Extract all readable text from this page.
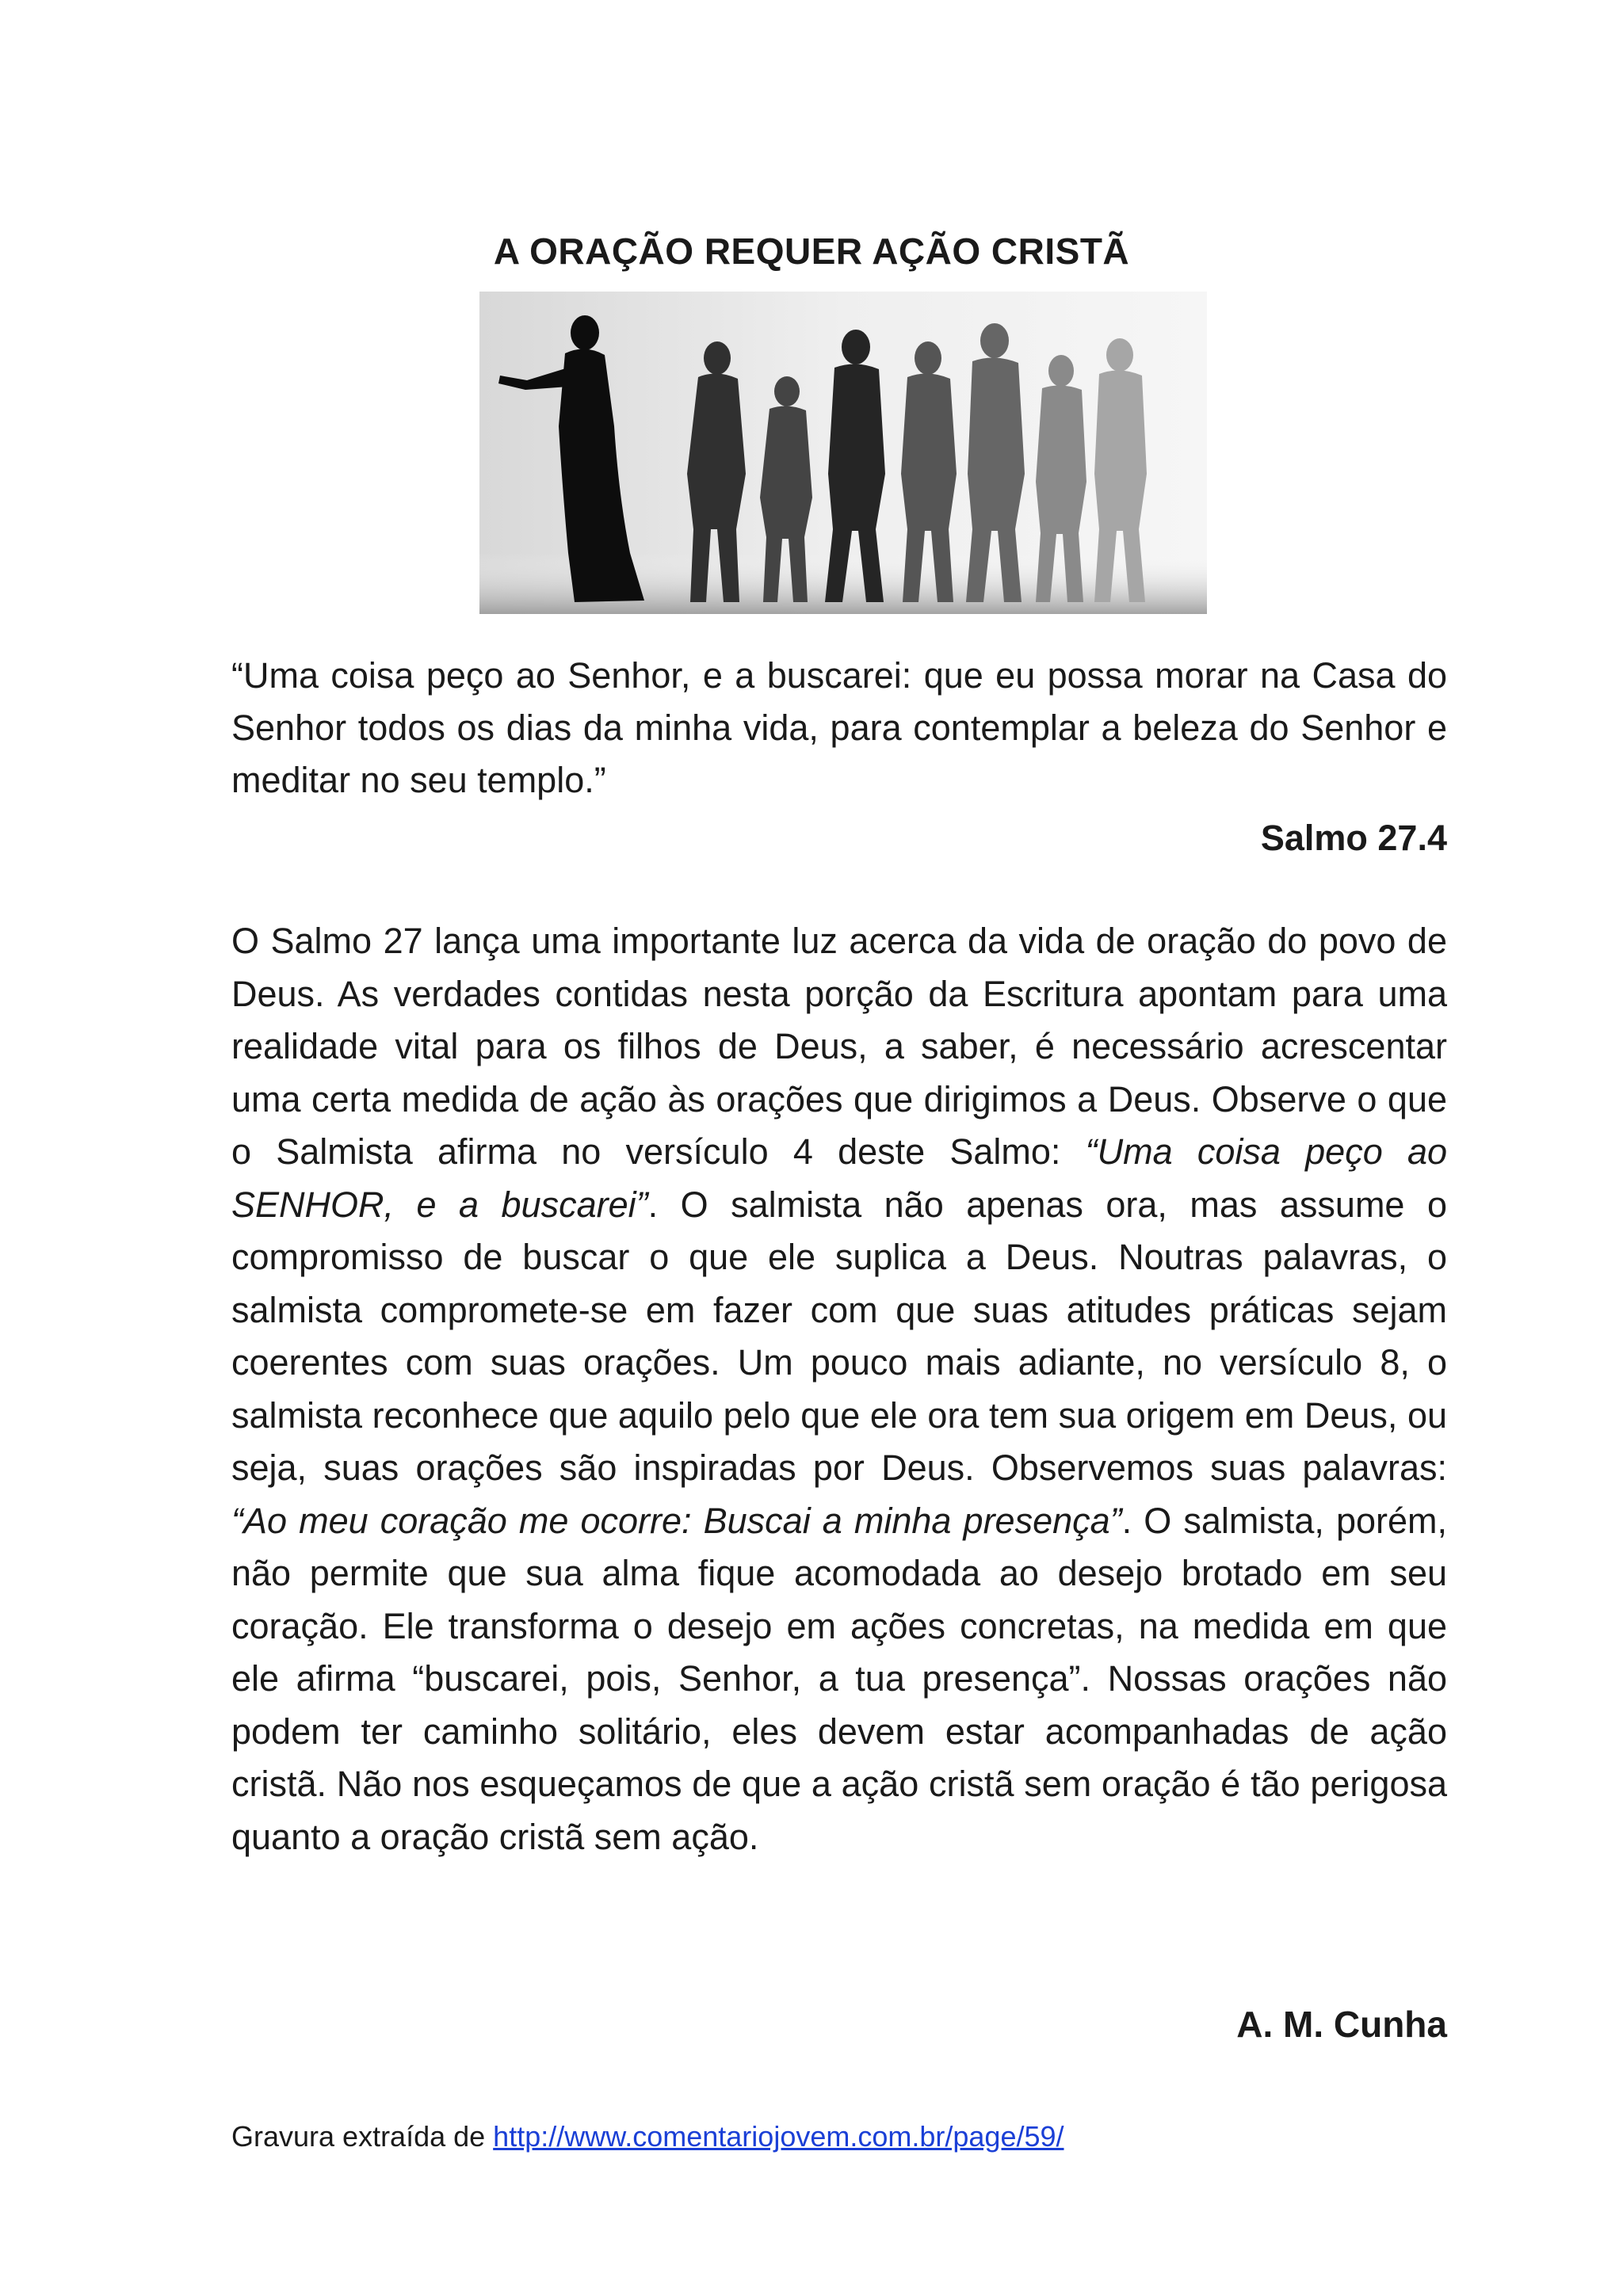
A ORAÇÃO REQUER AÇÃO CRISTÃ
“Uma coisa peço ao Senhor, e a buscarei: que eu possa morar na Casa do Senhor todos os dias da minha vida, para contemplar a beleza do Senhor e meditar no seu templo.”
Salmo 27.4
O Salmo 27 lança uma importante luz acerca da vida de oração do povo de Deus. As verdades contidas nesta porção da Escritura apontam para uma realidade vital para os filhos de Deus, a saber, é necessário acrescentar uma certa medida de ação às orações que dirigimos a Deus. Observe o que o Salmista afirma no versículo 4 deste Salmo: “Uma coisa peço ao SENHOR, e a buscarei”. O salmista não apenas ora, mas assume o compromisso de buscar o que ele suplica a Deus. Noutras palavras, o salmista compromete-se em fazer com que suas atitudes práticas sejam coerentes com suas orações. Um pouco mais adiante, no versículo 8, o salmista reconhece que aquilo pelo que ele ora tem sua origem em Deus, ou seja, suas orações são inspiradas por Deus. Observemos suas palavras: “Ao meu coração me ocorre: Buscai a minha presença”. O salmista, porém, não permite que sua alma fique acomodada ao desejo brotado em seu coração. Ele transforma o desejo em ações concretas, na medida em que ele afirma “buscarei, pois, Senhor, a tua presença”. Nossas orações não podem ter caminho solitário, eles devem estar acompanhadas de ação cristã. Não nos esqueçamos de que a ação cristã sem oração é tão perigosa quanto a oração cristã sem ação.
A. M. Cunha
Gravura extraída de http://www.comentariojovem.com.br/page/59/
